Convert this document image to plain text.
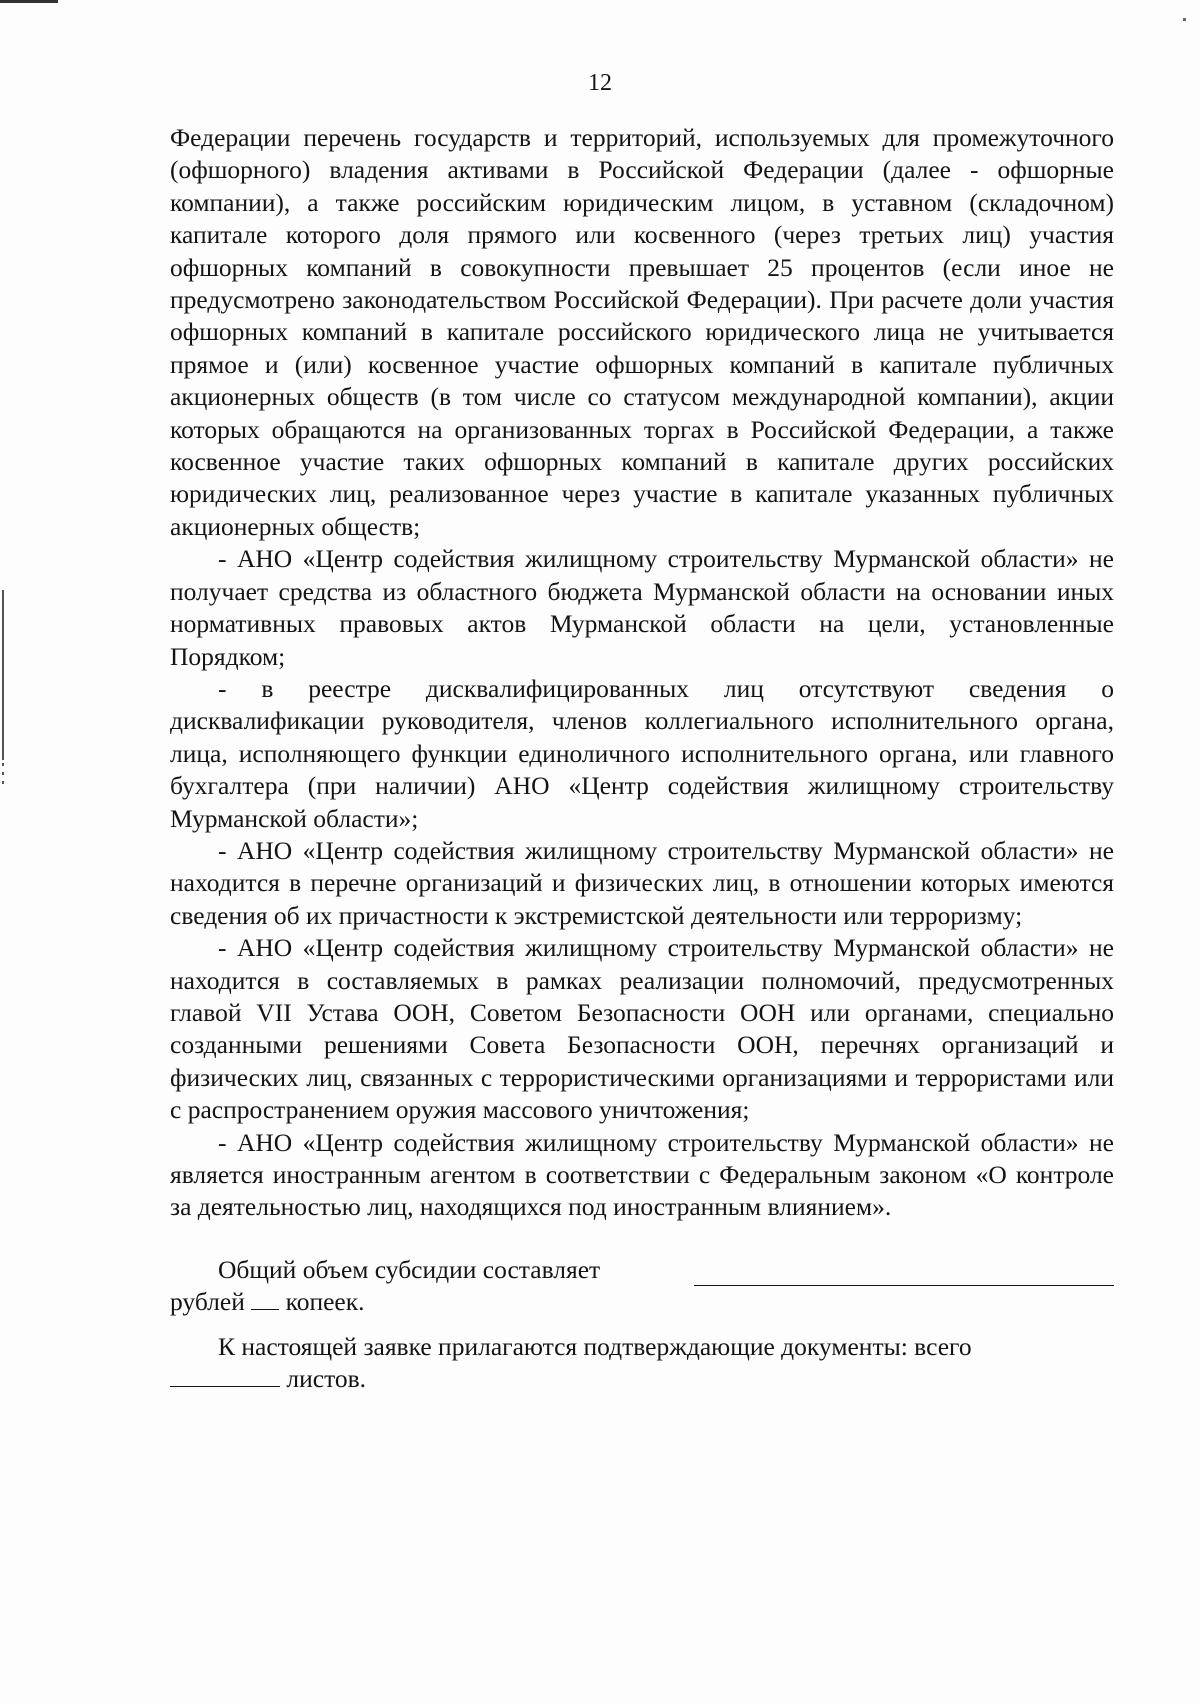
12

Федерации перечень государств и территорий, используемых для промежуточного (офшорного) владения активами в Российской Федерации (далее - офшорные компании), а также российским юридическим лицом, в уставном (складочном) капитале которого доля прямого или косвенного (через третьих лиц) участия офшорных компаний в совокупности превышает 25 процентов (если иное не предусмотрено законодательством Российской Федерации). При расчете доли участия офшорных компаний в капитале российского юридического лица не учитывается прямое и (или) косвенное участие офшорных компаний в капитале публичных акционерных обществ (в том числе со статусом международной компании), акции которых обращаются на организованных торгах в Российской Федерации, а также косвенное участие таких офшорных компаний в капитале других российских юридических лиц, реализованное через участие в капитале указанных публичных акционерных обществ;

- АНО «Центр содействия жилищному строительству Мурманской области» не получает средства из областного бюджета Мурманской области на основании иных нормативных правовых актов Мурманской области на цели, установленные Порядком;

- в реестре дисквалифицированных лиц отсутствуют сведения о дисквалификации руководителя, членов коллегиального исполнительного органа, лица, исполняющего функции единоличного исполнительного органа, или главного бухгалтера (при наличии) АНО «Центр содействия жилищному строительству Мурманской области»;

- АНО «Центр содействия жилищному строительству Мурманской области» не находится в перечне организаций и физических лиц, в отношении которых имеются сведения об их причастности к экстремистской деятельности или терроризму;

- АНО «Центр содействия жилищному строительству Мурманской области» не находится в составляемых в рамках реализации полномочий, предусмотренных главой VII Устава ООН, Советом Безопасности ООН или органами, специально созданными решениями Совета Безопасности ООН, перечнях организаций и физических лиц, связанных с террористическими организациями и террористами или с распространением оружия массового уничтожения;

- АНО «Центр содействия жилищному строительству Мурманской области» не является иностранным агентом в соответствии с Федеральным законом «О контроле за деятельностью лиц, находящихся под иностранным влиянием».

Общий объем субсидии составляет

рублей копеек.

К настоящей заявке прилагаются подтверждающие документы: всего

листов.
